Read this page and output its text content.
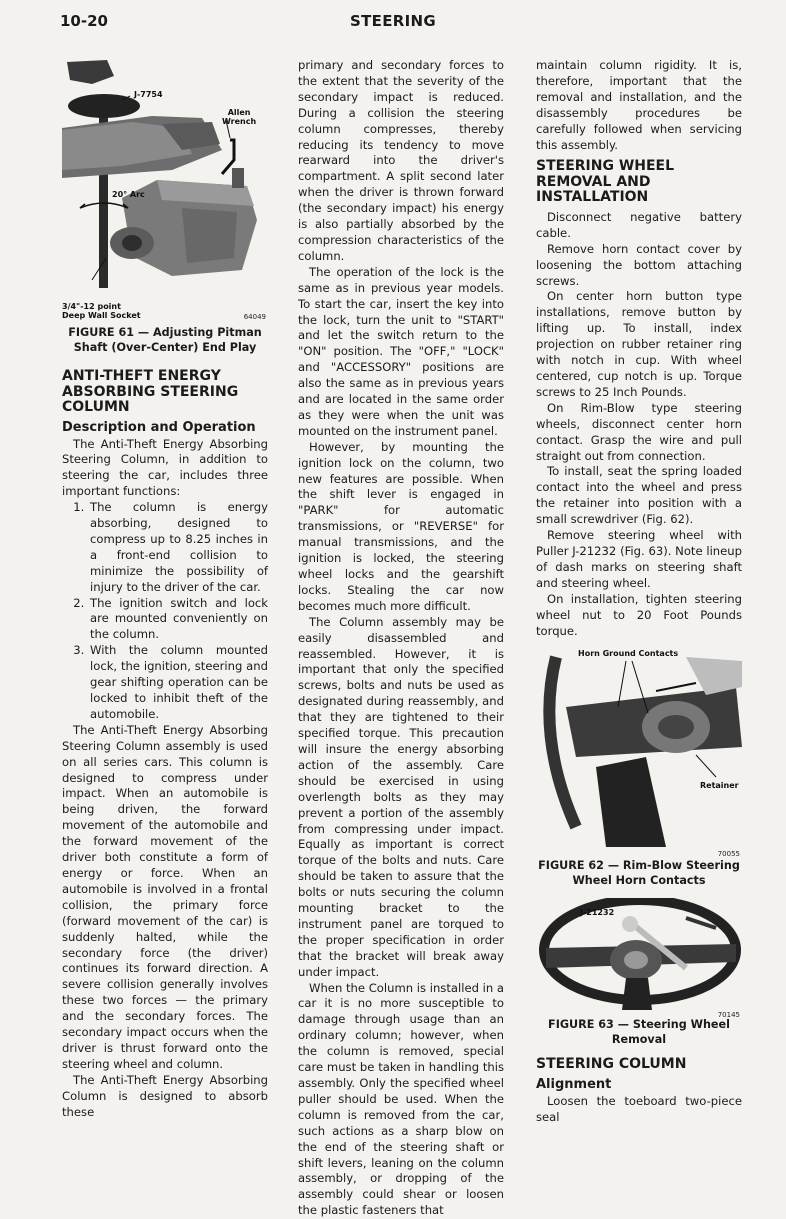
10-20	STEERING
J-7754
Allen
Wrench
20° Arc
3/4"-12 point
Deep Wall Socket	64049
FIGURE 61 — Adjusting Pitman Shaft (Over-Center) End Play
ANTI-THEFT ENERGY ABSORBING STEERING COLUMN
Description and Operation

The Anti-Theft Energy Absorbing Steering Column, in addition to steering the car, includes three important functions:

1. The column is energy absorbing, designed to compress up to 8.25 inches in a front-end collision to minimize the possibility of injury to the driver of the car.
2. The ignition switch and lock are mounted conveniently on the column.
3. With the column mounted lock, the ignition, steering and gear shifting operation can be locked to inhibit theft of the automobile.

The Anti-Theft Energy Absorbing Steering Column assembly is used on all series cars. This column is designed to compress under impact. When an automobile is being driven, the forward movement of the automobile and the forward movement of the driver both constitute a form of energy or force. When an automobile is involved in a frontal collision, the primary force (forward movement of the car) is suddenly halted, while the secondary force (the driver) continues its forward direction. A severe collision generally involves these two forces — the primary and the secondary forces. The secondary impact occurs when the driver is thrust forward onto the steering wheel and column.

The Anti-Theft Energy Absorbing Column is designed to absorb these

primary and secondary forces to the extent that the severity of the secondary impact is reduced. During a collision the steering column compresses, thereby reducing its tendency to move rearward into the driver's compartment. A split second later when the driver is thrown forward (the secondary impact) his energy is also partially absorbed by the compression characteristics of the column.

The operation of the lock is the same as in previous year models. To start the car, insert the key into the lock, turn the unit to "START" and let the switch return to the "ON" position. The "OFF," "LOCK" and "ACCESSORY" positions are also the same as in previous years and are located in the same order as they were when the unit was mounted on the instrument panel.

However, by mounting the ignition lock on the column, two new features are possible. When the shift lever is engaged in "PARK" for automatic transmissions, or "REVERSE" for manual transmissions, and the ignition is locked, the steering wheel locks and the gearshift locks. Stealing the car now becomes much more difficult.

The Column assembly may be easily disassembled and reassembled. However, it is important that only the specified screws, bolts and nuts be used as designated during reassembly, and that they are tightened to their specified torque. This precaution will insure the energy absorbing action of the assembly. Care should be exercised in using overlength bolts as they may prevent a portion of the assembly from compressing under impact. Equally as important is correct torque of the bolts and nuts. Care should be taken to assure that the bolts or nuts securing the column mounting bracket to the instrument panel are torqued to the proper specification in order that the bracket will break away under impact.

When the Column is installed in a car it is no more susceptible to damage through usage than an ordinary column; however, when the column is removed, special care must be taken in handling this assembly. Only the specified wheel puller should be used. When the column is removed from the car, such actions as a sharp blow on the end of the steering shaft or shift levers, leaning on the column assembly, or dropping of the assembly could shear or loosen the plastic fasteners that

maintain column rigidity. It is, therefore, important that the removal and installation, and the disassembly procedures be carefully followed when servicing this assembly.

STEERING WHEEL REMOVAL AND INSTALLATION

Disconnect negative battery cable.

Remove horn contact cover by loosening the bottom attaching screws.

On center horn button type installations, remove button by lifting up. To install, index projection on rubber retainer ring with notch in cup. With wheel centered, cup notch is up. Torque screws to 25 Inch Pounds.

On Rim-Blow type steering wheels, disconnect center horn contact. Grasp the wire and pull straight out from connection.

To install, seat the spring loaded contact into the wheel and press the retainer into position with a small screwdriver (Fig. 62).

Remove steering wheel with Puller J-21232 (Fig. 63). Note lineup of dash marks on steering shaft and steering wheel.

On installation, tighten steering wheel nut to 20 Foot Pounds torque.

Horn Ground Contacts
Retainer
70055
FIGURE 62 — Rim-Blow Steering Wheel Horn Contacts
J-21232
70145
FIGURE 63 — Steering Wheel Removal
STEERING COLUMN
Alignment

Loosen the toeboard two-piece seal
